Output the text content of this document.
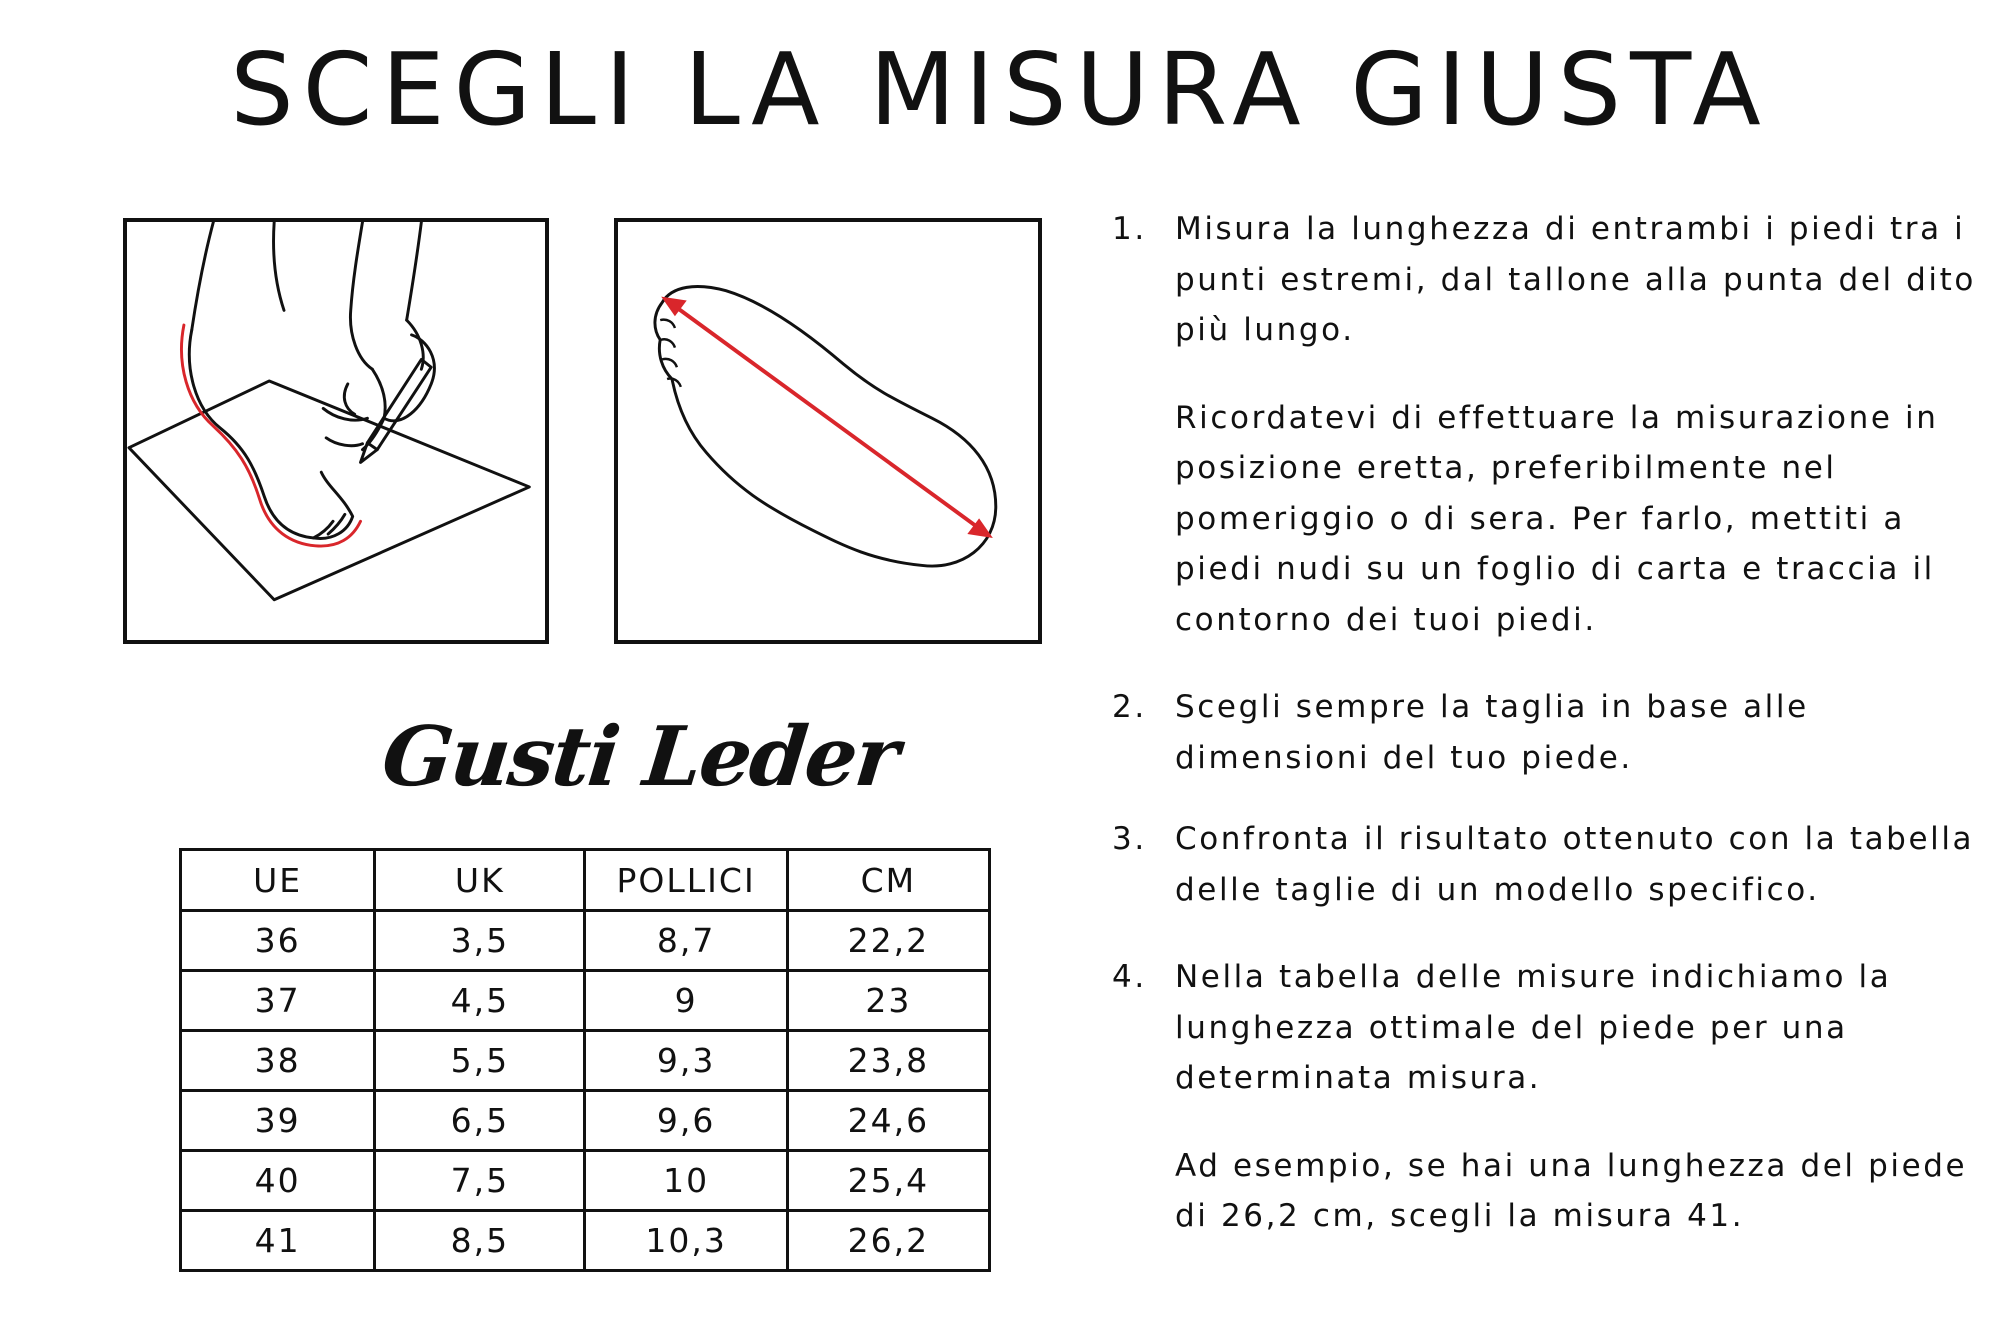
SCEGLI LA MISURA GIUSTA
Gusti Leder
UE	UK	POLLICI	CM
36	3,5	8,7	22,2
37	4,5	9	23
38	5,5	9,3	23,8
39	6,5	9,6	24,6
40	7,5	10	25,4
41	8,5	10,3	26,2
1. Misura la lunghezza di entrambi i piedi tra i punti estremi, dal tallone alla punta del dito più lungo.

Ricordatevi di effettuare la misurazione in posizione eretta, preferibilmente nel pomeriggio o di sera. Per farlo, mettiti a piedi nudi su un foglio di carta e traccia il contorno dei tuoi piedi.

2. Scegli sempre la taglia in base alle dimensioni del tuo piede.

3. Confronta il risultato ottenuto con la tabella delle taglie di un modello specifico.

4. Nella tabella delle misure indichiamo la lunghezza ottimale del piede per una determinata misura.

Ad esempio, se hai una lunghezza del piede di 26,2 cm, scegli la misura 41.
